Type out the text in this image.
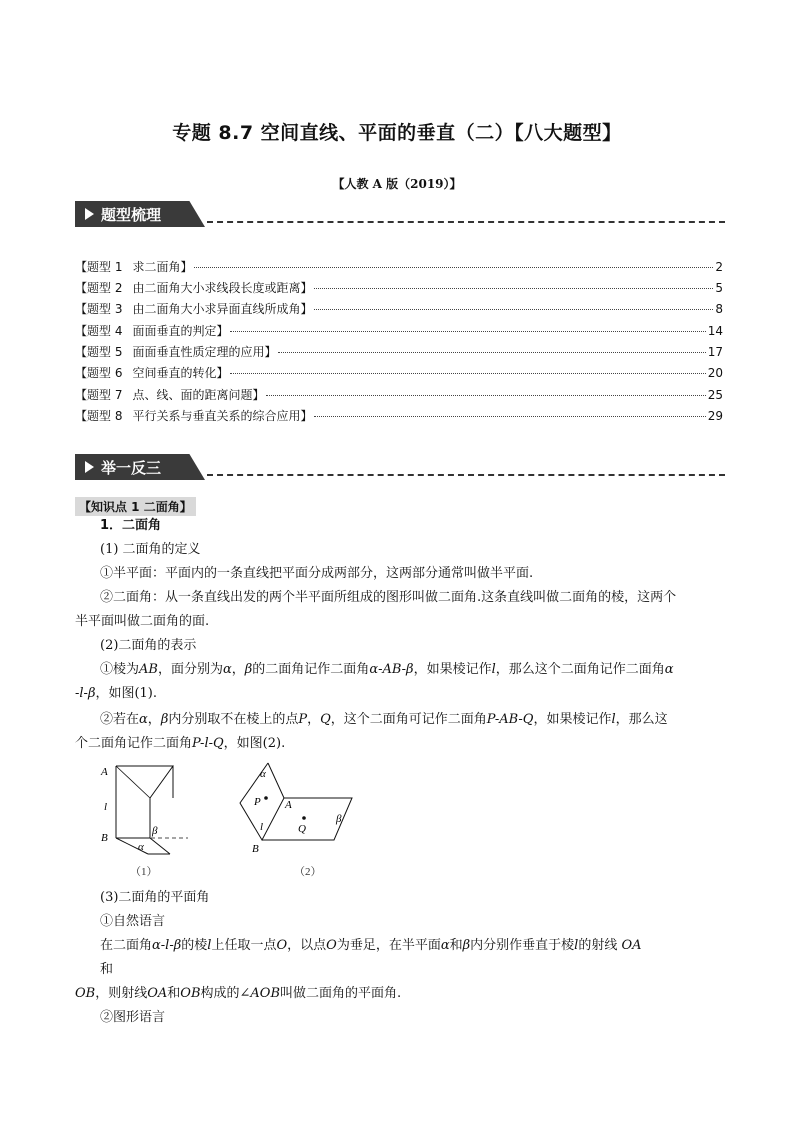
专题 8.7 空间直线、平面的垂直（二）【八大题型】
【人教 A 版（2019）】
题型梳理
【题型 1 求二面角】	2
【题型 2 由二面角大小求线段长度或距离】	5
【题型 3 由二面角大小求异面直线所成角】	8
【题型 4 面面垂直的判定】	14
【题型 5 面面垂直性质定理的应用】	17
【题型 6 空间垂直的转化】	20
【题型 7 点、线、面的距离问题】	25
【题型 8 平行关系与垂直关系的综合应用】	29
举一反三
【知识点 1 二面角】
1．二面角
(1) 二面角的定义
①半平面：平面内的一条直线把平面分成两部分，这两部分通常叫做半平面.
②二面角：从一条直线出发的两个半平面所组成的图形叫做二面角.这条直线叫做二面角的棱，这两个
半平面叫做二面角的面.
(2)二面角的表示
①棱为AB，面分别为α，β的二面角记作二面角α-AB-β，如果棱记作l，那么这个二面角记作二面角α
-l-β，如图(1).
②若在α，β内分别取不在棱上的点P，Q，这个二面角可记作二面角P-AB-Q，如果棱记作l，那么这
个二面角记作二面角P-l-Q，如图(2).
A
l
B
β
α
（1）
α
P A
l	Q
β
B
（2）
(3)二面角的平面角
①自然语言
在二面角α-l-β的棱l上任取一点O，以点O为垂足，在半平面α和β内分别作垂直于棱l的射线 OA
和
OB，则射线OA和OB构成的∠AOB叫做二面角的平面角.
②图形语言
